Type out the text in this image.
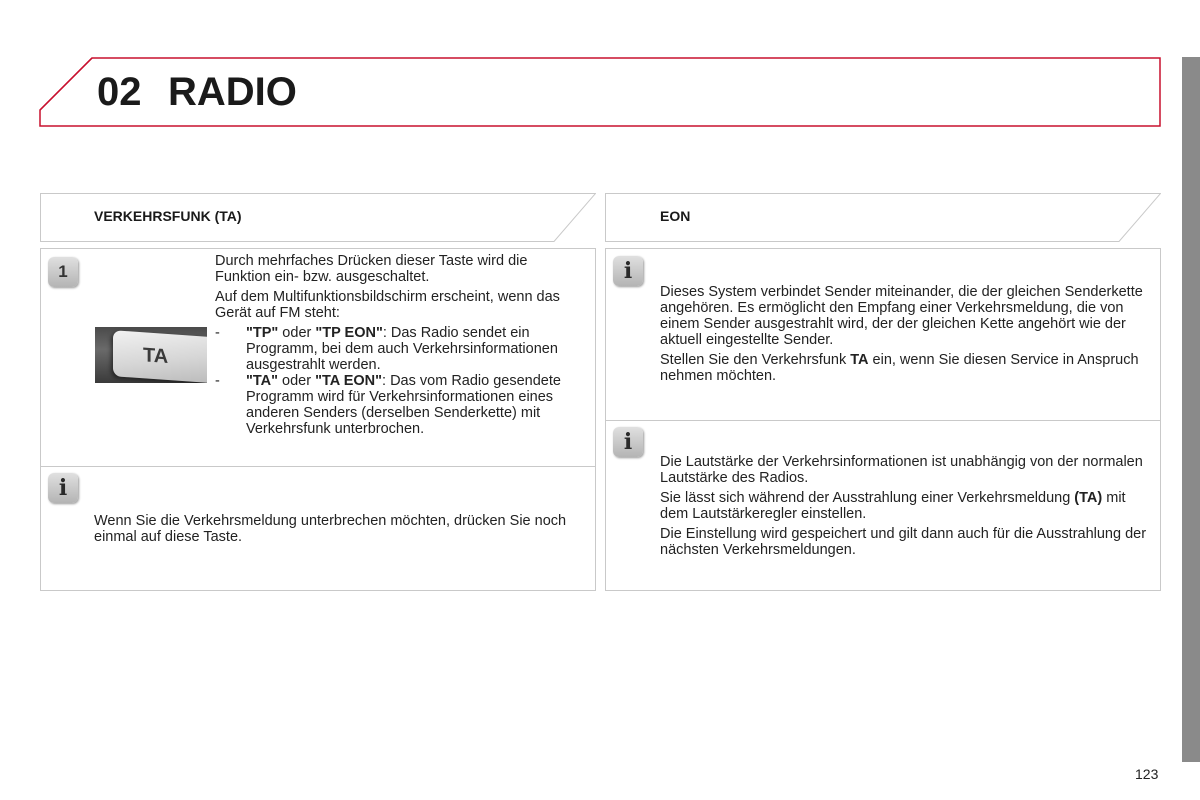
02 RADIO
VERKEHRSFUNK (TA)
1
TA

Durch mehrfaches Drücken dieser Taste wird die Funktion ein- bzw. ausgeschaltet.

Auf dem Multifunktionsbildschirm erscheint, wenn das Gerät auf FM steht:

- "TP" oder "TP EON": Das Radio sendet ein Programm, bei dem auch Verkehrsinformationen ausgestrahlt werden.
- "TA" oder "TA EON": Das vom Radio gesendete Programm wird für Verkehrsinformationen eines anderen Senders (derselben Senderkette) mit Verkehrsfunk unterbrochen.
i
Wenn Sie die Verkehrsmeldung unterbrechen möchten, drücken Sie noch einmal auf diese Taste.
EON
i

Dieses System verbindet Sender miteinander, die der gleichen Senderkette angehören. Es ermöglicht den Empfang einer Verkehrsmeldung, die von einem Sender ausgestrahlt wird, der der gleichen Kette angehört wie der aktuell eingestellte Sender.

Stellen Sie den Verkehrsfunk TA ein, wenn Sie diesen Service in Anspruch nehmen möchten.

i

Die Lautstärke der Verkehrsinformationen ist unabhängig von der normalen Lautstärke des Radios.

Sie lässt sich während der Ausstrahlung einer Verkehrsmeldung (TA) mit dem Lautstärkeregler einstellen.

Die Einstellung wird gespeichert und gilt dann auch für die Ausstrahlung der nächsten Verkehrsmeldungen.

123
